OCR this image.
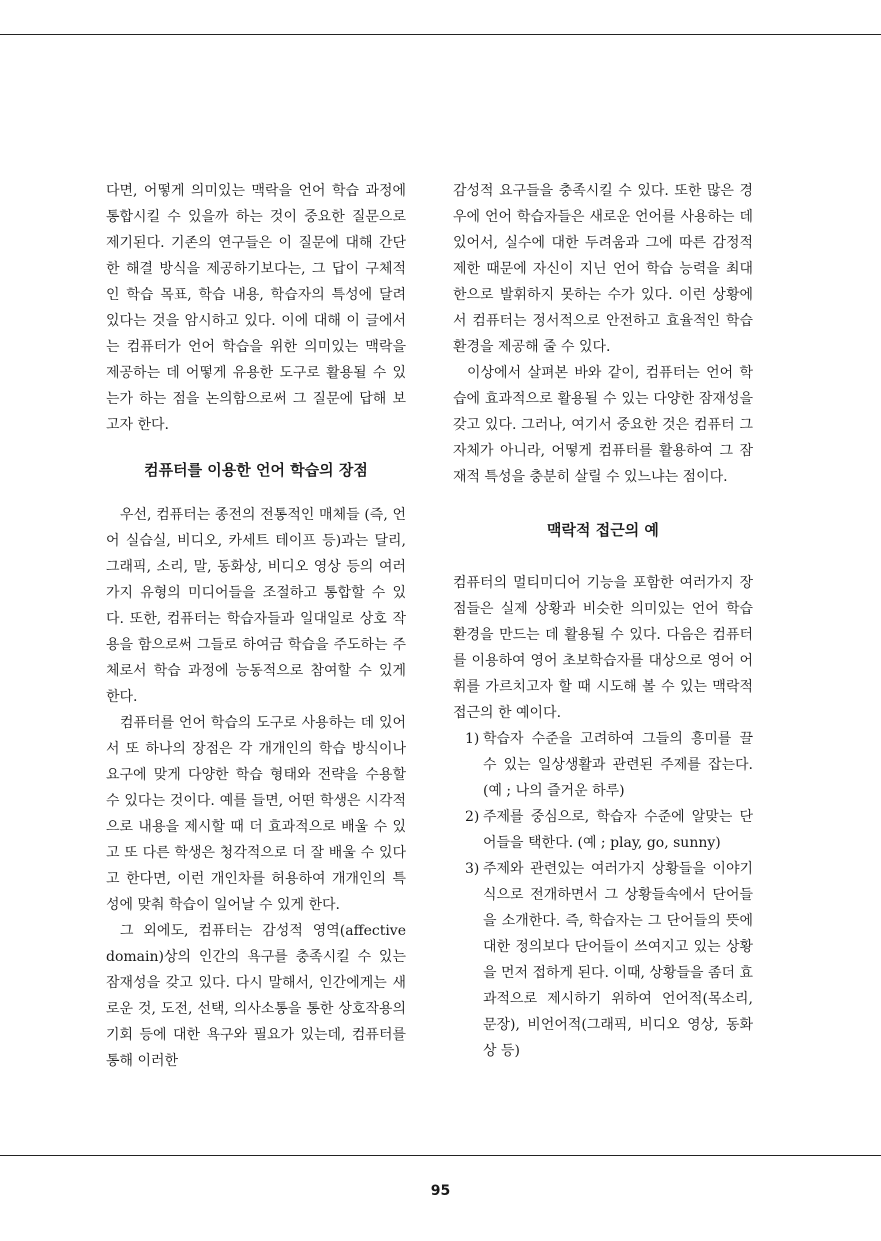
다면, 어떻게 의미있는 맥락을 언어 학습 과정에 통합시킬 수 있을까 하는 것이 중요한 질문으로 제기된다. 기존의 연구들은 이 질문에 대해 간단한 해결 방식을 제공하기보다는, 그 답이 구체적인 학습 목표, 학습 내용, 학습자의 특성에 달려 있다는 것을 암시하고 있다. 이에 대해 이 글에서는 컴퓨터가 언어 학습을 위한 의미있는 맥락을 제공하는 데 어떻게 유용한 도구로 활용될 수 있는가 하는 점을 논의함으로써 그 질문에 답해 보고자 한다.

컴퓨터를 이용한 언어 학습의 장점

우선, 컴퓨터는 종전의 전통적인 매체들 (즉, 언어 실습실, 비디오, 카세트 테이프 등)과는 달리, 그래픽, 소리, 말, 동화상, 비디오 영상 등의 여러가지 유형의 미디어들을 조절하고 통합할 수 있다. 또한, 컴퓨터는 학습자들과 일대일로 상호 작용을 함으로써 그들로 하여금 학습을 주도하는 주체로서 학습 과정에 능동적으로 참여할 수 있게 한다.

컴퓨터를 언어 학습의 도구로 사용하는 데 있어서 또 하나의 장점은 각 개개인의 학습 방식이나 요구에 맞게 다양한 학습 형태와 전략을 수용할 수 있다는 것이다. 예를 들면, 어떤 학생은 시각적으로 내용을 제시할 때 더 효과적으로 배울 수 있고 또 다른 학생은 청각적으로 더 잘 배울 수 있다고 한다면, 이런 개인차를 허용하여 개개인의 특성에 맞춰 학습이 일어날 수 있게 한다.

그 외에도, 컴퓨터는 감성적 영역(affective domain)상의 인간의 욕구를 충족시킬 수 있는 잠재성을 갖고 있다. 다시 말해서, 인간에게는 새로운 것, 도전, 선택, 의사소통을 통한 상호작용의 기회 등에 대한 욕구와 필요가 있는데, 컴퓨터를 통해 이러한

감성적 요구들을 충족시킬 수 있다. 또한 많은 경우에 언어 학습자들은 새로운 언어를 사용하는 데 있어서, 실수에 대한 두려움과 그에 따른 감정적 제한 때문에 자신이 지닌 언어 학습 능력을 최대한으로 발휘하지 못하는 수가 있다. 이런 상황에서 컴퓨터는 정서적으로 안전하고 효율적인 학습 환경을 제공해 줄 수 있다.

이상에서 살펴본 바와 같이, 컴퓨터는 언어 학습에 효과적으로 활용될 수 있는 다양한 잠재성을 갖고 있다. 그러나, 여기서 중요한 것은 컴퓨터 그 자체가 아니라, 어떻게 컴퓨터를 활용하여 그 잠재적 특성을 충분히 살릴 수 있느냐는 점이다.

맥락적 접근의 예

컴퓨터의 멀티미디어 기능을 포함한 여러가지 장점들은 실제 상황과 비슷한 의미있는 언어 학습 환경을 만드는 데 활용될 수 있다. 다음은 컴퓨터를 이용하여 영어 초보학습자를 대상으로 영어 어휘를 가르치고자 할 때 시도해 볼 수 있는 맥락적 접근의 한 예이다.

1) 학습자 수준을 고려하여 그들의 흥미를 끌 수 있는 일상생활과 관련된 주제를 잡는다. (예 ; 나의 즐거운 하루)
2) 주제를 중심으로, 학습자 수준에 알맞는 단어들을 택한다. (예 ; play, go, sunny)
3) 주제와 관련있는 여러가지 상황들을 이야기식으로 전개하면서 그 상황들속에서 단어들을 소개한다. 즉, 학습자는 그 단어들의 뜻에 대한 정의보다 단어들이 쓰여지고 있는 상황을 먼저 접하게 된다. 이때, 상황들을 좀더 효과적으로 제시하기 위하여 언어적(목소리, 문장), 비언어적(그래픽, 비디오 영상, 동화상 등)
95
